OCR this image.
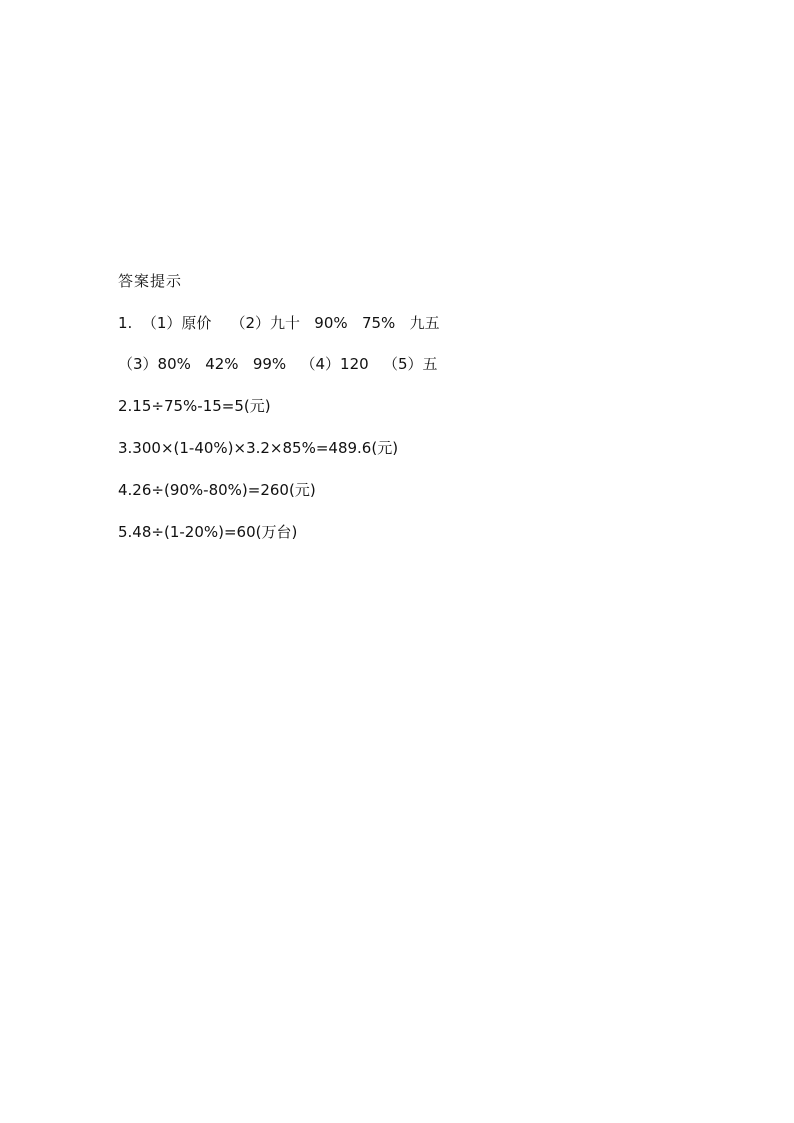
答案提示

1.  （1）原价    （2）九十   90%   75%   九五

（3）80%   42%   99%   （4）120   （5）五

2.15÷75%-15=5(元)

3.300×(1-40%)×3.2×85%=489.6(元)

4.26÷(90%-80%)=260(元)

5.48÷(1-20%)=60(万台)
